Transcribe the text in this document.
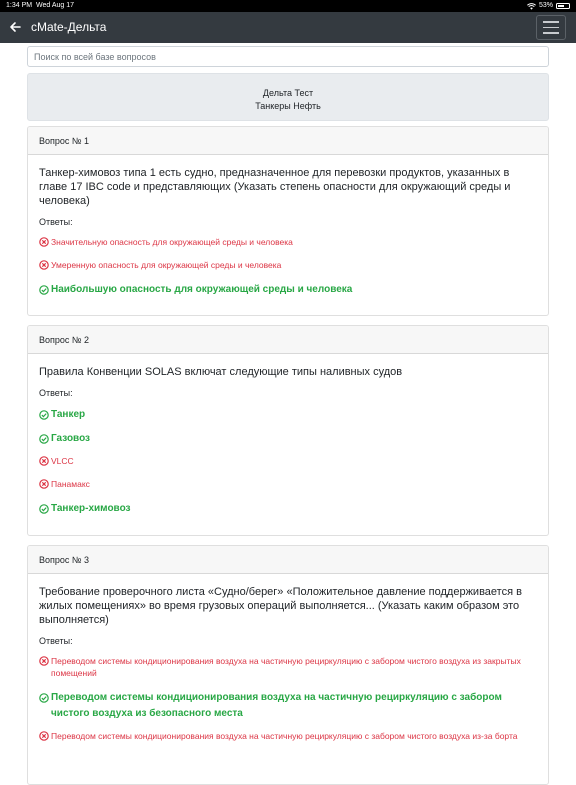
1:34 PM Wed Aug 17	53%
cMate-Дельта
Поиск по всей базе вопросов
Дельта Тест
Танкеры Нефть
Вопрос № 1
Танкер-химовоз типа 1 есть судно, предназначенное для перевозки продуктов, указанных в главе 17 IBC code и представляющих (Указать степень опасности для окружающий среды и человека)
Ответы:
Значительную опасность для окружающей среды и человека
Умеренную опасность для окружающей среды и человека
Наибольшую опасность для окружающей среды и человека
Вопрос № 2
Правила Конвенции SOLAS включат следующие типы наливных судов
Ответы:
Танкер
Газовоз
VLCC
Панамакс
Танкер-химовоз
Вопрос № 3
Требование проверочного листа «Судно/берег» «Положительное давление поддерживается в жилых помещениях» во время грузовых операций выполняется... (Указать каким образом это выполняется)
Ответы:
Переводом системы кондиционирования воздуха на частичную рециркуляцию с забором чистого воздуха из закрытых помещений
Переводом системы кондиционирования воздуха на частичную рециркуляцию с забором чистого воздуха из безопасного места
Переводом системы кондиционирования воздуха на частичную рециркуляцию с забором чистого воздуха из-за борта
